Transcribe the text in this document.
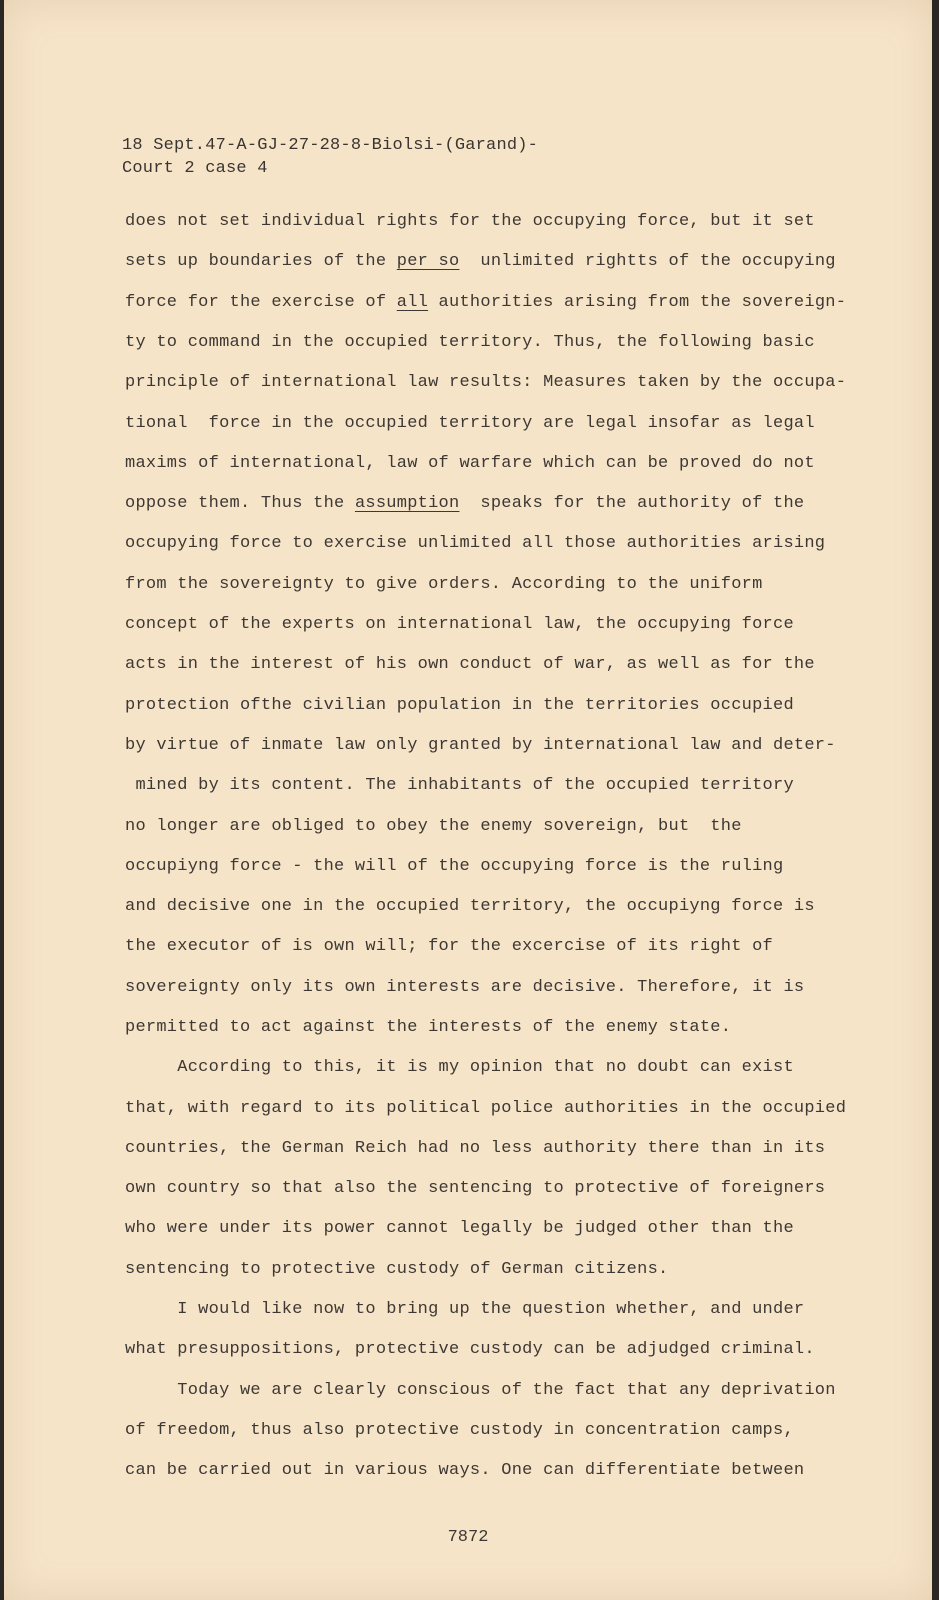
18 Sept.47-A-GJ-27-28-8-Biolsi-(Garand)-
Court 2 case 4
does not set individual rights for the occupying force, but it set
sets up boundaries of the per so  unlimited rightts of the occupying
force for the exercise of all authorities arising from the sovereign-
ty to command in the occupied territory. Thus, the following basic
principle of international law results: Measures taken by the occupa-
tional  force in the occupied territory are legal insofar as legal
maxims of international, law of warfare which can be proved do not
oppose them. Thus the assumption  speaks for the authority of the
occupying force to exercise unlimited all those authorities arising
from the sovereignty to give orders. According to the uniform
concept of the experts on international law, the occupying force
acts in the interest of his own conduct of war, as well as for the
protection ofthe civilian population in the territories occupied
by virtue of inmate law only granted by international law and deter-
mined by its content. The inhabitants of the occupied territory
no longer are obliged to obey the enemy sovereign, but  the
occupiyng force - the will of the occupying force is the ruling
and decisive one in the occupied territory, the occupiyng force is
the executor of is own will; for the excercise of its right of
sovereignty only its own interests are decisive. Therefore, it is
permitted to act against the interests of the enemy state.
According to this, it is my opinion that no doubt can exist
that, with regard to its political police authorities in the occupied
countries, the German Reich had no less authority there than in its
own country so that also the sentencing to protective of foreigners
who were under its power cannot legally be judged other than the
sentencing to protective custody of German citizens.
I would like now to bring up the question whether, and under
what presuppositions, protective custody can be adjudged criminal.
Today we are clearly conscious of the fact that any deprivation
of freedom, thus also protective custody in concentration camps,
can be carried out in various ways. One can differentiate between
7872
